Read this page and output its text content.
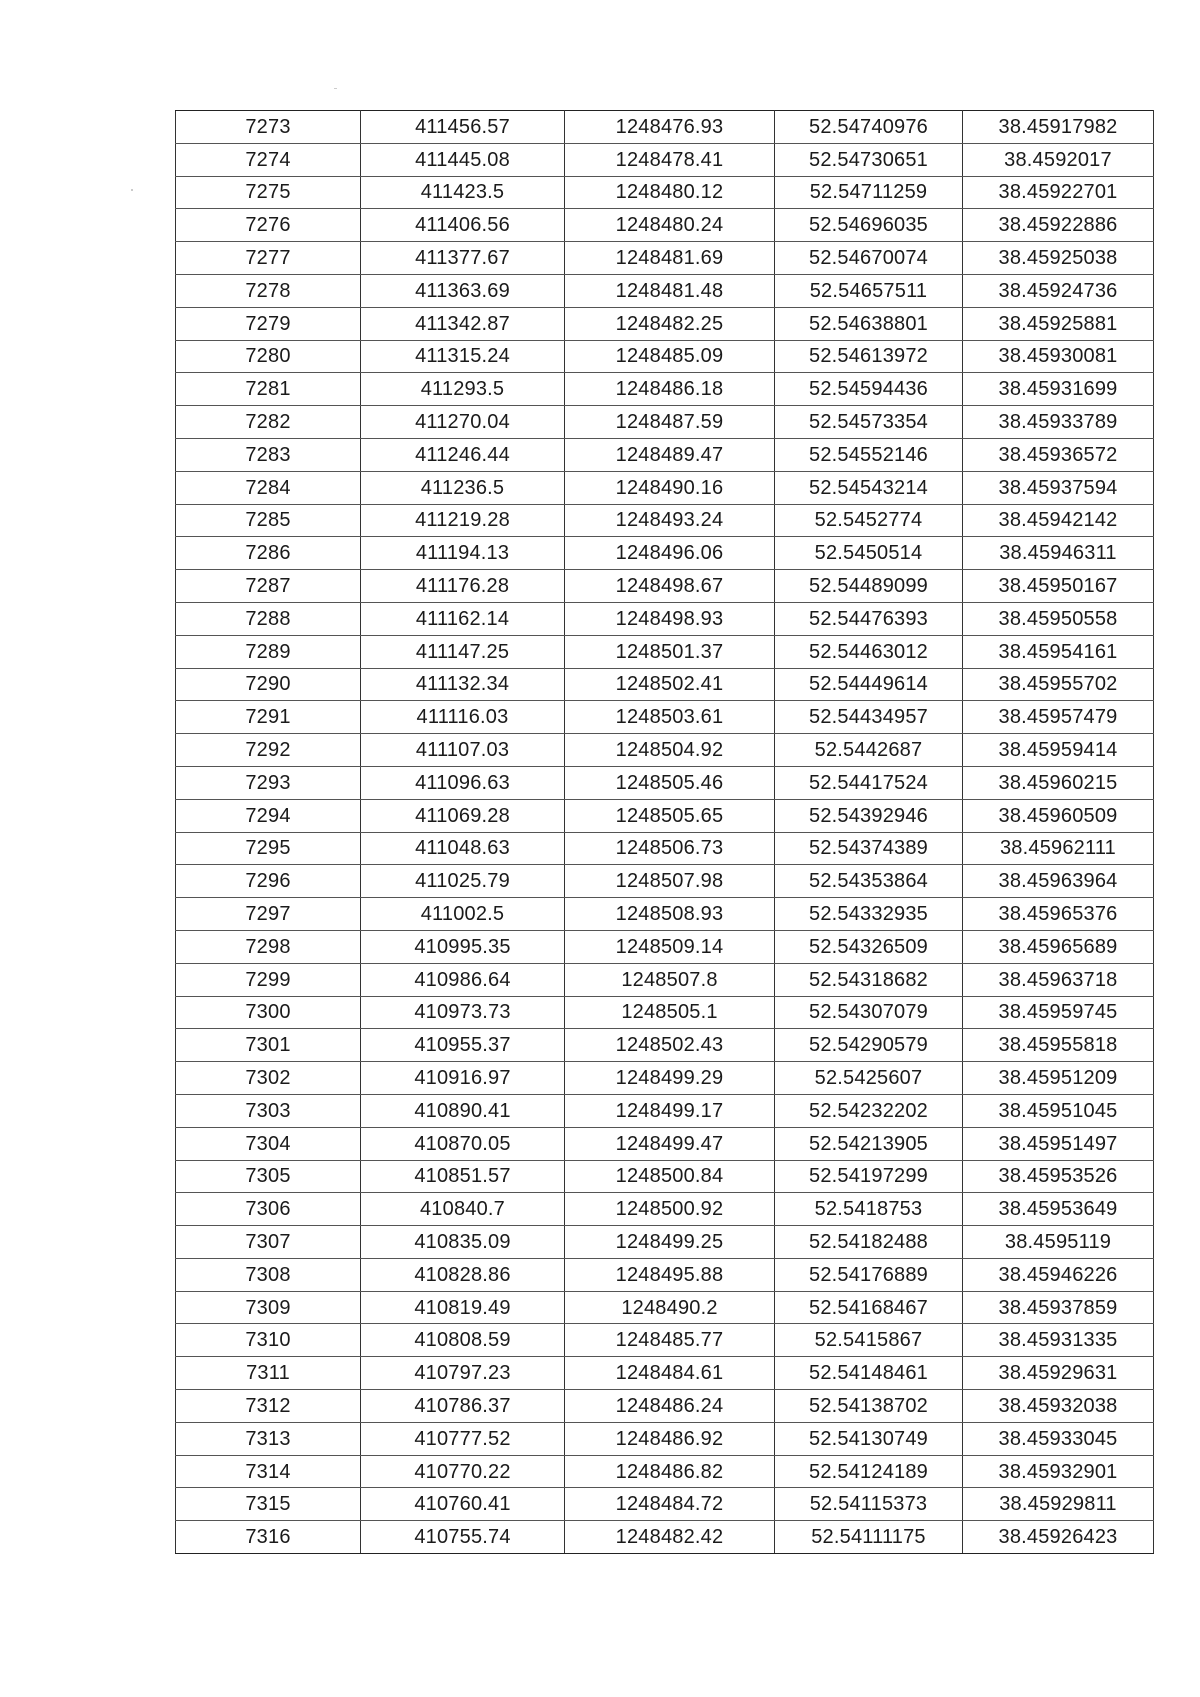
7273	411456.57	1248476.93	52.54740976	38.45917982
7274	411445.08	1248478.41	52.54730651	38.4592017
7275	411423.5	1248480.12	52.54711259	38.45922701
7276	411406.56	1248480.24	52.54696035	38.45922886
7277	411377.67	1248481.69	52.54670074	38.45925038
7278	411363.69	1248481.48	52.54657511	38.45924736
7279	411342.87	1248482.25	52.54638801	38.45925881
7280	411315.24	1248485.09	52.54613972	38.45930081
7281	411293.5	1248486.18	52.54594436	38.45931699
7282	411270.04	1248487.59	52.54573354	38.45933789
7283	411246.44	1248489.47	52.54552146	38.45936572
7284	411236.5	1248490.16	52.54543214	38.45937594
7285	411219.28	1248493.24	52.5452774	38.45942142
7286	411194.13	1248496.06	52.5450514	38.45946311
7287	411176.28	1248498.67	52.54489099	38.45950167
7288	411162.14	1248498.93	52.54476393	38.45950558
7289	411147.25	1248501.37	52.54463012	38.45954161
7290	411132.34	1248502.41	52.54449614	38.45955702
7291	411116.03	1248503.61	52.54434957	38.45957479
7292	411107.03	1248504.92	52.5442687	38.45959414
7293	411096.63	1248505.46	52.54417524	38.45960215
7294	411069.28	1248505.65	52.54392946	38.45960509
7295	411048.63	1248506.73	52.54374389	38.45962111
7296	411025.79	1248507.98	52.54353864	38.45963964
7297	411002.5	1248508.93	52.54332935	38.45965376
7298	410995.35	1248509.14	52.54326509	38.45965689
7299	410986.64	1248507.8	52.54318682	38.45963718
7300	410973.73	1248505.1	52.54307079	38.45959745
7301	410955.37	1248502.43	52.54290579	38.45955818
7302	410916.97	1248499.29	52.5425607	38.45951209
7303	410890.41	1248499.17	52.54232202	38.45951045
7304	410870.05	1248499.47	52.54213905	38.45951497
7305	410851.57	1248500.84	52.54197299	38.45953526
7306	410840.7	1248500.92	52.5418753	38.45953649
7307	410835.09	1248499.25	52.54182488	38.4595119
7308	410828.86	1248495.88	52.54176889	38.45946226
7309	410819.49	1248490.2	52.54168467	38.45937859
7310	410808.59	1248485.77	52.5415867	38.45931335
7311	410797.23	1248484.61	52.54148461	38.45929631
7312	410786.37	1248486.24	52.54138702	38.45932038
7313	410777.52	1248486.92	52.54130749	38.45933045
7314	410770.22	1248486.82	52.54124189	38.45932901
7315	410760.41	1248484.72	52.54115373	38.45929811
7316	410755.74	1248482.42	52.54111175	38.45926423
